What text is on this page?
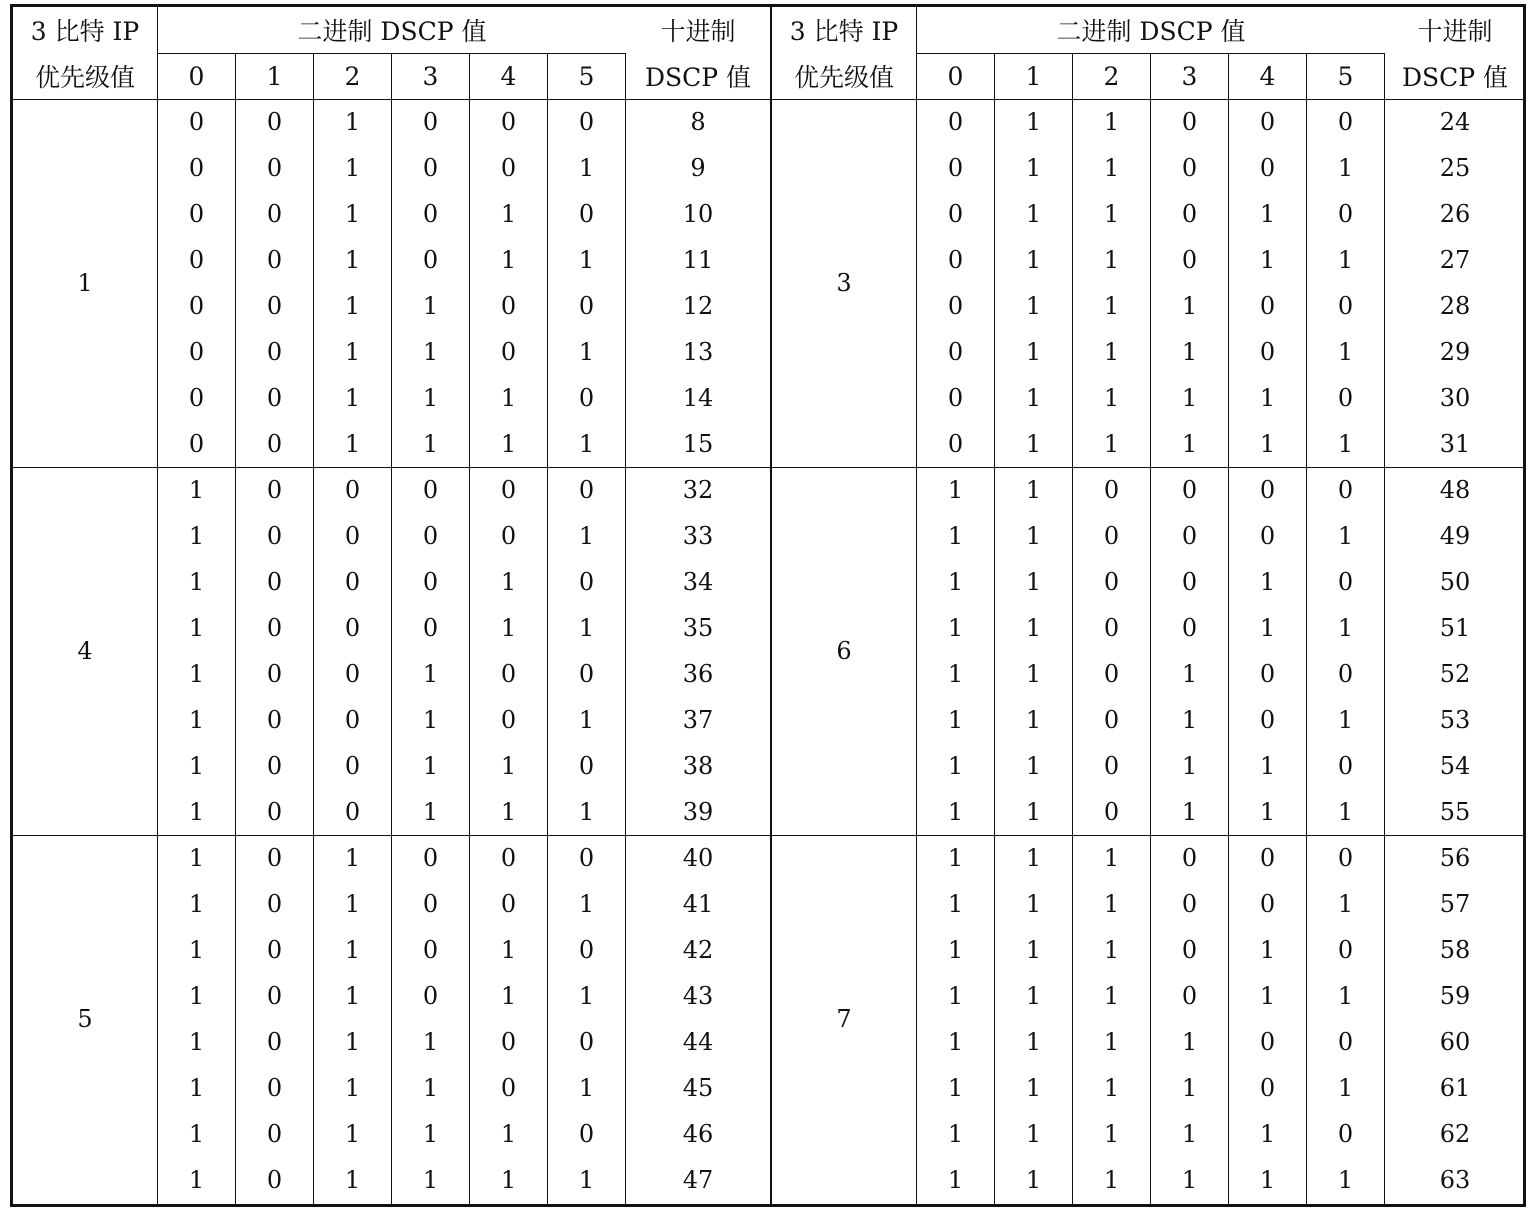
3 比特 IP
优先级值
1
4
5
0
0
0
0
0
0
0
0
0
1
1
1
1
1
1
1
1
1
1
1
1
1
1
1
1
1
0
0
0
0
0
0
0
0
0
0
0
0
0
0
0
0
0
0
0
0
0
0
0
0
2
1
1
1
1
1
1
1
1
0
0
0
0
0
0
0
0
1
1
1
1
1
1
1
1
3
0
0
0
0
1
1
1
1
0
0
0
0
1
1
1
1
0
0
0
0
1
1
1
1
4
0
0
1
1
0
0
1
1
0
0
1
1
0
0
1
1
0
0
1
1
0
0
1
1
5
0
1
0
1
0
1
0
1
0
1
0
1
0
1
0
1
0
1
0
1
0
1
0
1
十进制
DSCP 值
8
9
10
11
12
13
14
15
32
33
34
35
36
37
38
39
40
41
42
43
44
45
46
47
二进制 DSCP 值	3 比特 IP
优先级值
3
6
7
0
0
0
0
0
0
0
0
0
1
1
1
1
1
1
1
1
1
1
1
1
1
1
1
1
1
1
1
1
1
1
1
1
1
1
1
1
1
1
1
1
1
1
1
1
1
1
1
1
1
2
1
1
1
1
1
1
1
1
0
0
0
0
0
0
0
0
1
1
1
1
1
1
1
1
3
0
0
0
0
1
1
1
1
0
0
0
0
1
1
1
1
0
0
0
0
1
1
1
1
4
0
0
1
1
0
0
1
1
0
0
1
1
0
0
1
1
0
0
1
1
0
0
1
1
5
0
1
0
1
0
1
0
1
0
1
0
1
0
1
0
1
0
1
0
1
0
1
0
1
十进制
DSCP 值
24
25
26
27
28
29
30
31
48
49
50
51
52
53
54
55
56
57
58
59
60
61
62
63
二进制 DSCP 值
